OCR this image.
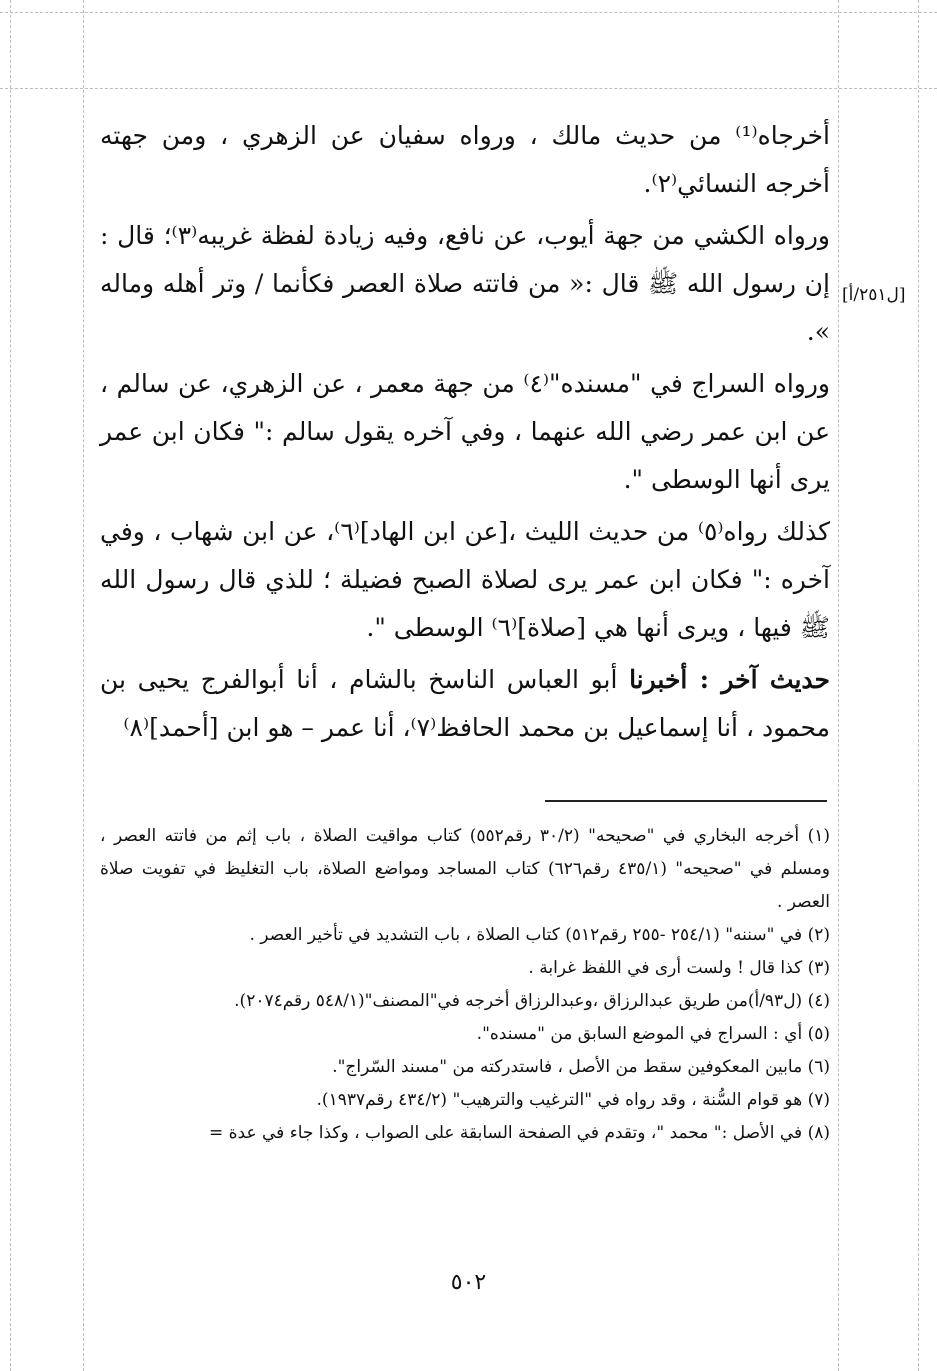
[ل٢٥١/أ]

أخرجاه⁽¹⁾ من حديث مالك ، ورواه سفيان عن الزهري ، ومن جهته أخرجه النسائي⁽٢⁾.

ورواه الكشي من جهة أيوب، عن نافع، وفيه زيادة لفظة غريبه⁽٣⁾؛ قال : إن رسول الله ﷺ قال :« من فاتته صلاة العصر فكأنما / وتر أهله وماله ».

ورواه السراج في "مسنده"⁽٤⁾ من جهة معمر ، عن الزهري، عن سالم ، عن ابن عمر رضي الله عنهما ، وفي آخره يقول سالم :" فكان ابن عمر يرى أنها الوسطى ".

كذلك رواه⁽٥⁾ من حديث الليث ،[عن ابن الهاد]⁽٦⁾، عن ابن شهاب ، وفي آخره :" فكان ابن عمر يرى لصلاة الصبح فضيلة ؛ للذي قال رسول الله ﷺ فيها ، ويرى أنها هي [صلاة]⁽٦⁾ الوسطى ".

حديث آخر : أخبرنا أبو العباس الناسخ بالشام ، أنا أبوالفرج يحيى بن محمود ، أنا إسماعيل بن محمد الحافظ⁽٧⁾، أنا عمر – هو ابن [أحمد]⁽٨⁾

(١) أخرجه البخاري في "صحيحه" (٣٠/٢ رقم٥٥٢) كتاب مواقيت الصلاة ، باب إثم من فاتته العصر ، ومسلم في "صحيحه" (٤٣٥/١ رقم٦٢٦) كتاب المساجد ومواضع الصلاة، باب التغليظ في تفويت صلاة العصر .

(٢) في "سننه" (٢٥٤/١ -٢٥٥ رقم٥١٢) كتاب الصلاة ، باب التشديد في تأخير العصر .

(٣) كذا قال ! ولست أرى في اللفظ غرابة .

(٤) (ل٩٣/أ)من طريق عبدالرزاق ،وعبدالرزاق أخرجه في"المصنف"(٥٤٨/١ رقم٢٠٧٤).

(٥) أي : السراج في الموضع السابق من "مسنده".

(٦) مابين المعكوفين سقط من الأصل ، فاستدركته من "مسند السّراج".

(٧) هو قوام السُّنة ، وقد رواه في "الترغيب والترهيب" (٤٣٤/٢ رقم١٩٣٧).

(٨) في الأصل :" محمد "، وتقدم في الصفحة السابقة على الصواب ، وكذا جاء في عدة =

٥٠٢
